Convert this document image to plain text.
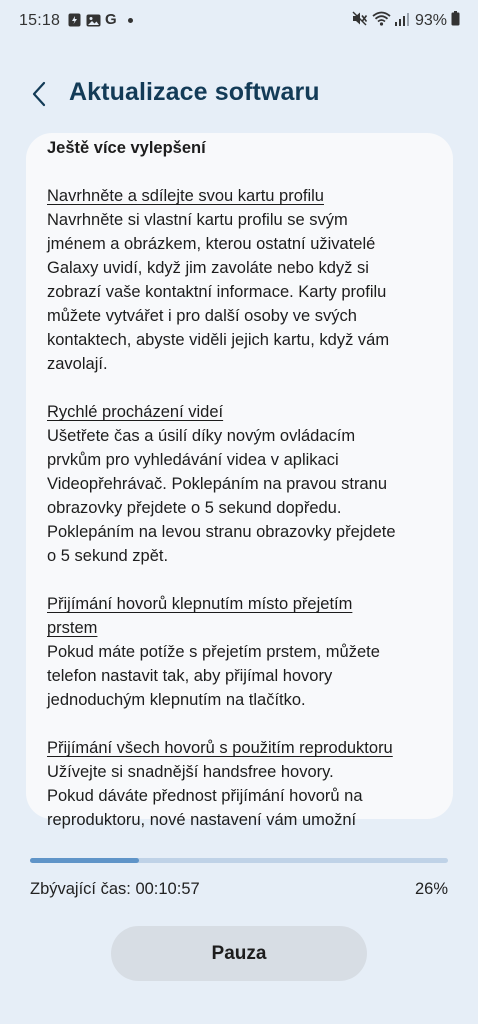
15:18	G	93%
Aktualizace softwaru
Ještě více vylepšení
Navrhněte a sdílejte svou kartu profilu
Navrhněte si vlastní kartu profilu se svým
jménem a obrázkem, kterou ostatní uživatelé
Galaxy uvidí, když jim zavoláte nebo když si
zobrazí vaše kontaktní informace. Karty profilu
můžete vytvářet i pro další osoby ve svých
kontaktech, abyste viděli jejich kartu, když vám
zavolají.
Rychlé procházení videí
Ušetřete čas a úsilí díky novým ovládacím
prvkům pro vyhledávání videa v aplikaci
Videopřehrávač. Poklepáním na pravou stranu
obrazovky přejdete o 5 sekund dopředu.
Poklepáním na levou stranu obrazovky přejdete
o 5 sekund zpět.
Přijímání hovorů klepnutím místo přejetím
prstem
Pokud máte potíže s přejetím prstem, můžete
telefon nastavit tak, aby přijímal hovory
jednoduchým klepnutím na tlačítko.
Přijímání všech hovorů s použitím reproduktoru
Užívejte si snadnější handsfree hovory.
Pokud dáváte přednost přijímání hovorů na
reproduktoru, nové nastavení vám umožní
Zbývající čas: 00:10:57	26%
Pauza
